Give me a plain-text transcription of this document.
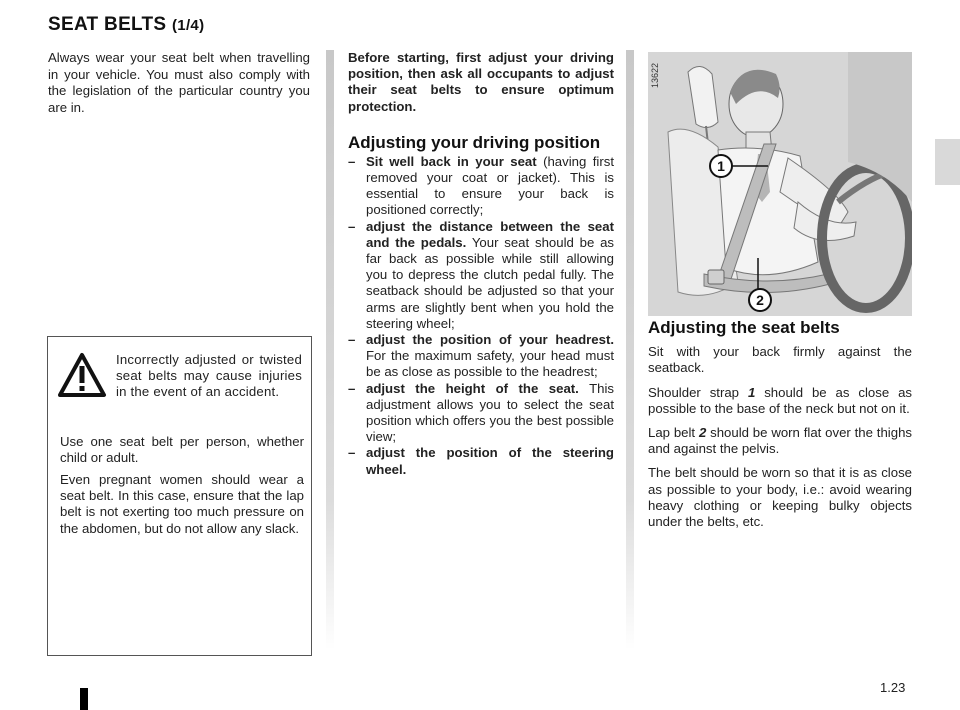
SEAT BELTS (1/4)
Always wear your seat belt when travelling in your vehicle. You must also comply with the legislation of the particular country you are in.
Incorrectly adjusted or twisted seat belts may cause injuries in the event of an accident.
Use one seat belt per person, whether child or adult.
Even pregnant women should wear a seat belt. In this case, ensure that the lap belt is not exerting too much pressure on the abdomen, but do not allow any slack.

Before starting, first adjust your driving position, then ask all occupants to adjust their seat belts to ensure optimum protection.

Adjusting your driving position
– Sit well back in your seat (having first removed your coat or jacket). This is essential to ensure your back is positioned correctly;
– adjust the distance between the seat and the pedals. Your seat should be as far back as possible while still allowing you to depress the clutch pedal fully. The seatback should be adjusted so that your arms are slightly bent when you hold the steering wheel;
– adjust the position of your headrest. For the maximum safety, your head must be as close as possible to the headrest;
– adjust the height of the seat. This adjustment allows you to select the seat position which offers you the best possible view;
– adjust the position of the steering wheel.
1
2
13622
Adjusting the seat belts

Sit with your back firmly against the seatback.

Shoulder strap 1 should be as close as possible to the base of the neck but not on it.

Lap belt 2 should be worn flat over the thighs and against the pelvis.

The belt should be worn so that it is as close as possible to your body, i.e.: avoid wearing heavy clothing or keeping bulky objects under the belts, etc.

1.23
